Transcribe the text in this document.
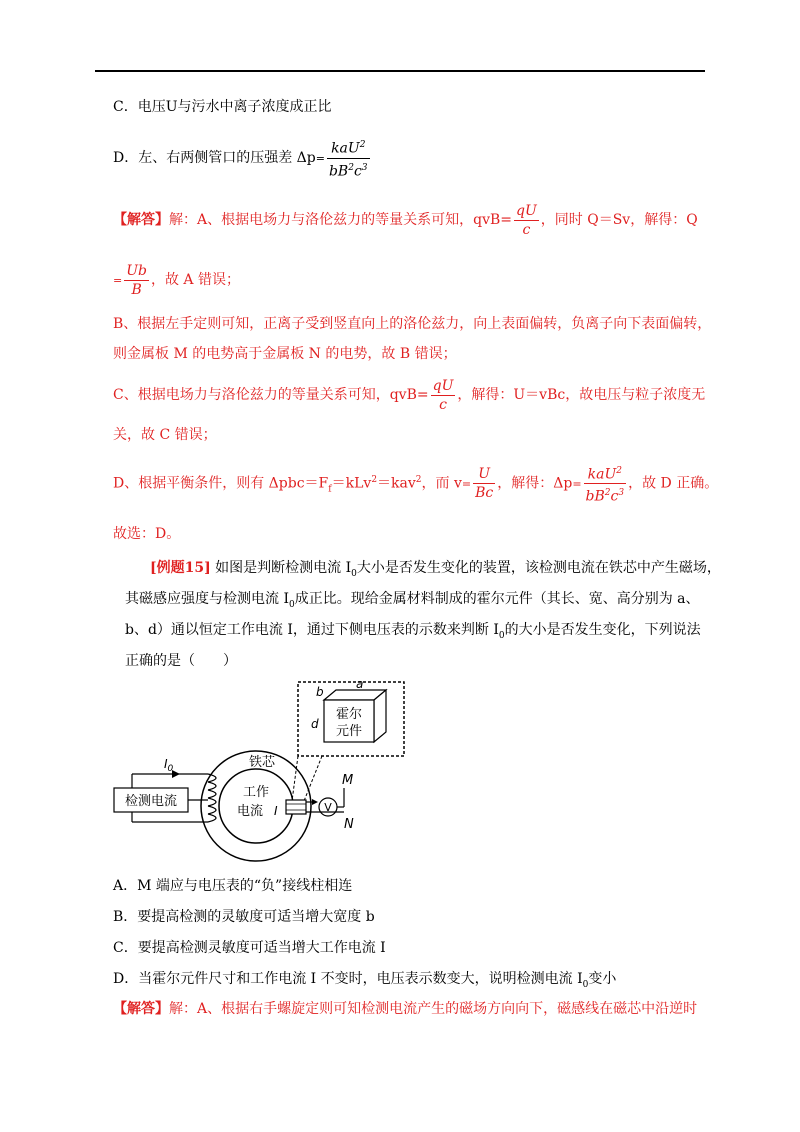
C．电压U与污水中离子浓度成正比
D．左、右两侧管口的压强差 $\Delta p= \frac{kaU^2}{bB^2c^3}$
【解答】解：A、根据电场力与洛伦兹力的等量关系可知，$qvB= \frac{qU}{c}$ ，同时 Q＝Sv，解得：Q
= $\frac{Ub}{B}$ ，故 A 错误；
B、根据左手定则可知，正离子受到竖直向上的洛伦兹力，向上表面偏转，负离子向下表面偏转，
则金属板 M 的电势高于金属板 N 的电势，故 B 错误；
C、根据电场力与洛伦兹力的等量关系可知，$qvB= \frac{qU}{c}$ ，解得：U＝vBc，故电压与粒子浓度无
关，故 C 错误；
D、根据平衡条件，则有 $\Delta pbc=F_f=kLv^2=kav^2$，而 $v= \frac{U}{Bc}$ ，解得：$\Delta p= \frac{kaU^2}{bB^2c^3}$ ，故 D 正确。
故选：D。
[例题15] 如图是判断检测电流 $I_0$大小是否发生变化的装置，该检测电流在铁芯中产生磁场，
其磁感应强度与检测电流 $I_0$成正比。现给金属材料制成的霍尔元件（其长、宽、高分别为 a、
b、d）通以恒定工作电流 I，通过下侧电压表的示数来判断 $I_0$的大小是否发生变化，下列说法
正确的是（　　）
b
a
d
霍尔
元件
铁芯
工作
电流 I
检测电流
$I_0$
V
M
N
A．M 端应与电压表的“负”接线柱相连
B．要提高检测的灵敏度可适当增大宽度 b
C．要提高检测灵敏度可适当增大工作电流 I
D．当霍尔元件尺寸和工作电流 I 不变时，电压表示数变大，说明检测电流 $I_0$变小
【解答】解：A、根据右手螺旋定则可知检测电流产生的磁场方向向下，磁感线在磁芯中沿逆时
